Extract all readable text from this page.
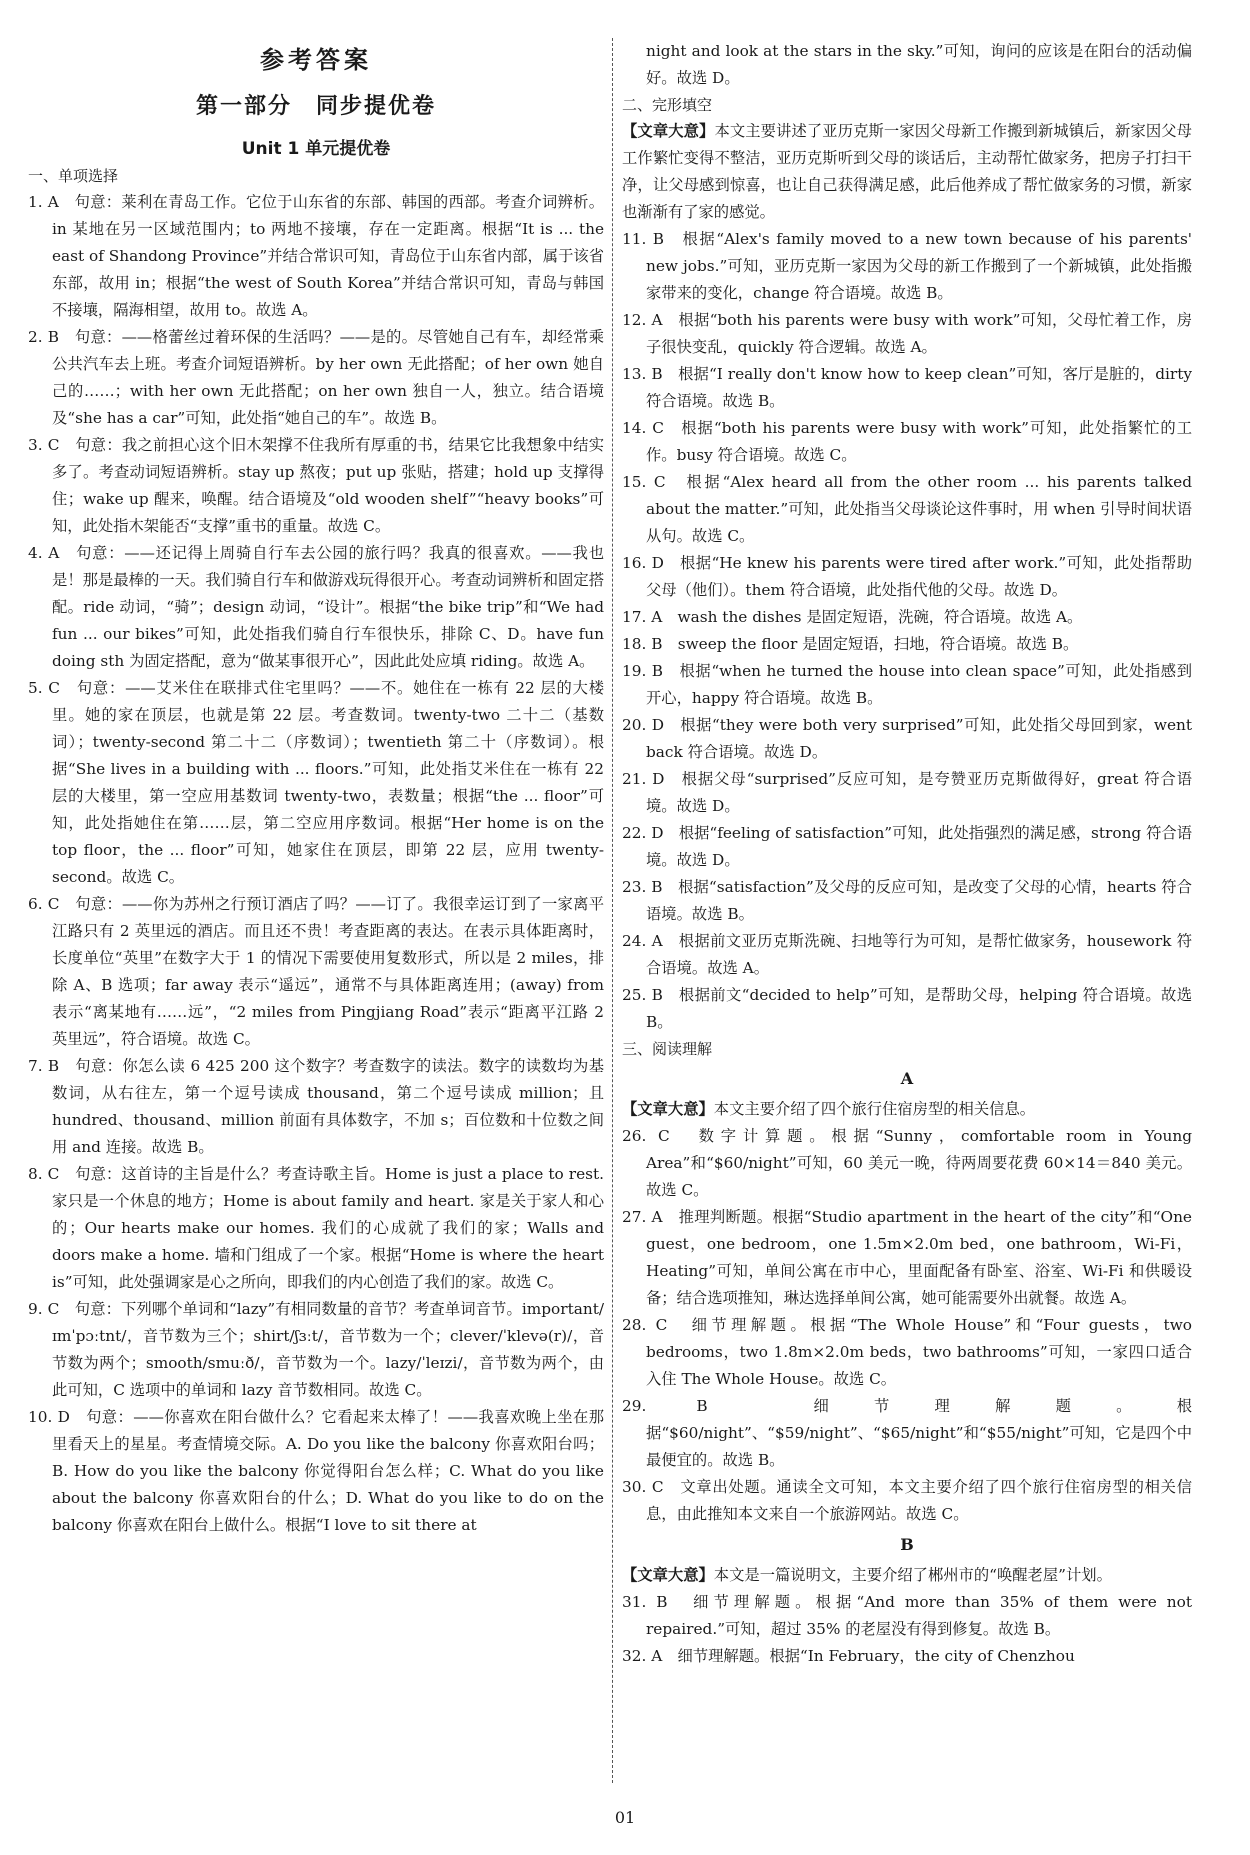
参考答案
第一部分　同步提优卷
Unit 1 单元提优卷
一、单项选择
1. A　句意：莱利在青岛工作。它位于山东省的东部、韩国的西部。考查介词辨析。in 某地在另一区域范围内；to 两地不接壤，存在一定距离。根据“It is ... the east of Shandong Province”并结合常识可知，青岛位于山东省内部，属于该省东部，故用 in；根据“the west of South Korea”并结合常识可知，青岛与韩国不接壤，隔海相望，故用 to。故选 A。
2. B　句意：——格蕾丝过着环保的生活吗？——是的。尽管她自己有车，却经常乘公共汽车去上班。考查介词短语辨析。by her own 无此搭配；of her own 她自己的……；with her own 无此搭配；on her own 独自一人，独立。结合语境及“she has a car”可知，此处指“她自己的车”。故选 B。
3. C　句意：我之前担心这个旧木架撑不住我所有厚重的书，结果它比我想象中结实多了。考查动词短语辨析。stay up 熬夜；put up 张贴，搭建；hold up 支撑得住；wake up 醒来，唤醒。结合语境及“old wooden shelf”“heavy books”可知，此处指木架能否“支撑”重书的重量。故选 C。
4. A　句意：——还记得上周骑自行车去公园的旅行吗？我真的很喜欢。——我也是！那是最棒的一天。我们骑自行车和做游戏玩得很开心。考查动词辨析和固定搭配。ride 动词，“骑”；design 动词，“设计”。根据“the bike trip”和“We had fun ... our bikes”可知，此处指我们骑自行车很快乐，排除 C、D。have fun doing sth 为固定搭配，意为“做某事很开心”，因此此处应填 riding。故选 A。
5. C　句意：——艾米住在联排式住宅里吗？——不。她住在一栋有 22 层的大楼里。她的家在顶层，也就是第 22 层。考查数词。twenty-two 二十二（基数词）；twenty-second 第二十二（序数词）；twentieth 第二十（序数词）。根据“She lives in a building with ... floors.”可知，此处指艾米住在一栋有 22 层的大楼里，第一空应用基数词 twenty-two，表数量；根据“the ... floor”可知，此处指她住在第……层，第二空应用序数词。根据“Her home is on the top floor，the ... floor”可知，她家住在顶层，即第 22 层，应用 twenty-second。故选 C。
6. C　句意：——你为苏州之行预订酒店了吗？——订了。我很幸运订到了一家离平江路只有 2 英里远的酒店。而且还不贵！考查距离的表达。在表示具体距离时，长度单位“英里”在数字大于 1 的情况下需要使用复数形式，所以是 2 miles，排除 A、B 选项；far away 表示“遥远”，通常不与具体距离连用；(away) from 表示“离某地有……远”，“2 miles from Pingjiang Road”表示“距离平江路 2 英里远”，符合语境。故选 C。
7. B　句意：你怎么读 6 425 200 这个数字？考查数字的读法。数字的读数均为基数词，从右往左，第一个逗号读成 thousand，第二个逗号读成 million；且 hundred、thousand、million 前面有具体数字，不加 s；百位数和十位数之间用 and 连接。故选 B。
8. C　句意：这首诗的主旨是什么？考查诗歌主旨。Home is just a place to rest. 家只是一个休息的地方；Home is about family and heart. 家是关于家人和心的；Our hearts make our homes. 我们的心成就了我们的家；Walls and doors make a home. 墙和门组成了一个家。根据“Home is where the heart is”可知，此处强调家是心之所向，即我们的内心创造了我们的家。故选 C。
9. C　句意：下列哪个单词和“lazy”有相同数量的音节？考查单词音节。important/ɪmˈpɔːtnt/，音节数为三个；shirt/ʃɜːt/，音节数为一个；clever/ˈklevə(r)/，音节数为两个；smooth/smuːð/，音节数为一个。lazy/ˈleɪzi/，音节数为两个，由此可知，C 选项中的单词和 lazy 音节数相同。故选 C。
10. D　句意：——你喜欢在阳台做什么？它看起来太棒了！——我喜欢晚上坐在那里看天上的星星。考查情境交际。A. Do you like the balcony 你喜欢阳台吗；B. How do you like the balcony 你觉得阳台怎么样；C. What do you like about the balcony 你喜欢阳台的什么；D. What do you like to do on the balcony 你喜欢在阳台上做什么。根据“I love to sit there at
night and look at the stars in the sky.”可知，询问的应该是在阳台的活动偏好。故选 D。
二、完形填空
【文章大意】本文主要讲述了亚历克斯一家因父母新工作搬到新城镇后，新家因父母工作繁忙变得不整洁，亚历克斯听到父母的谈话后，主动帮忙做家务，把房子打扫干净，让父母感到惊喜，也让自己获得满足感，此后他养成了帮忙做家务的习惯，新家也渐渐有了家的感觉。
11. B　根据“Alex's family moved to a new town because of his parents' new jobs.”可知，亚历克斯一家因为父母的新工作搬到了一个新城镇，此处指搬家带来的变化，change 符合语境。故选 B。
12. A　根据“both his parents were busy with work”可知，父母忙着工作，房子很快变乱，quickly 符合逻辑。故选 A。
13. B　根据“I really don't know how to keep clean”可知，客厅是脏的，dirty 符合语境。故选 B。
14. C　根据“both his parents were busy with work”可知，此处指繁忙的工作。busy 符合语境。故选 C。
15. C　根据“Alex heard all from the other room ... his parents talked about the matter.”可知，此处指当父母谈论这件事时，用 when 引导时间状语从句。故选 C。
16. D　根据“He knew his parents were tired after work.”可知，此处指帮助父母（他们）。them 符合语境，此处指代他的父母。故选 D。
17. A　wash the dishes 是固定短语，洗碗，符合语境。故选 A。
18. B　sweep the floor 是固定短语，扫地，符合语境。故选 B。
19. B　根据“when he turned the house into clean space”可知，此处指感到开心，happy 符合语境。故选 B。
20. D　根据“they were both very surprised”可知，此处指父母回到家，went back 符合语境。故选 D。
21. D　根据父母“surprised”反应可知，是夸赞亚历克斯做得好，great 符合语境。故选 D。
22. D　根据“feeling of satisfaction”可知，此处指强烈的满足感，strong 符合语境。故选 D。
23. B　根据“satisfaction”及父母的反应可知，是改变了父母的心情，hearts 符合语境。故选 B。
24. A　根据前文亚历克斯洗碗、扫地等行为可知，是帮忙做家务，housework 符合语境。故选 A。
25. B　根据前文“decided to help”可知，是帮助父母，helping 符合语境。故选 B。
三、阅读理解
A
【文章大意】本文主要介绍了四个旅行住宿房型的相关信息。
26. C　数字计算题。根据“Sunny，comfortable room in Young Area”和“$60/night”可知，60 美元一晚，待两周要花费 60×14＝840 美元。故选 C。
27. A　推理判断题。根据“Studio apartment in the heart of the city”和“One guest，one bedroom，one 1.5m×2.0m bed，one bathroom，Wi-Fi，Heating”可知，单间公寓在市中心，里面配备有卧室、浴室、Wi-Fi 和供暖设备；结合选项推知，琳达选择单间公寓，她可能需要外出就餐。故选 A。
28. C　细节理解题。根据“The Whole House”和“Four guests，two bedrooms，two 1.8m×2.0m beds，two bathrooms”可知，一家四口适合入住 The Whole House。故选 C。
29. B　细节理解题。根据“$60/night”、“$59/night”、“$65/night”和“$55/night”可知，它是四个中最便宜的。故选 B。
30. C　文章出处题。通读全文可知，本文主要介绍了四个旅行住宿房型的相关信息，由此推知本文来自一个旅游网站。故选 C。
B
【文章大意】本文是一篇说明文，主要介绍了郴州市的“唤醒老屋”计划。
31. B　细节理解题。根据“And more than 35% of them were not repaired.”可知，超过 35% 的老屋没有得到修复。故选 B。
32. A　细节理解题。根据“In February，the city of Chenzhou
01
